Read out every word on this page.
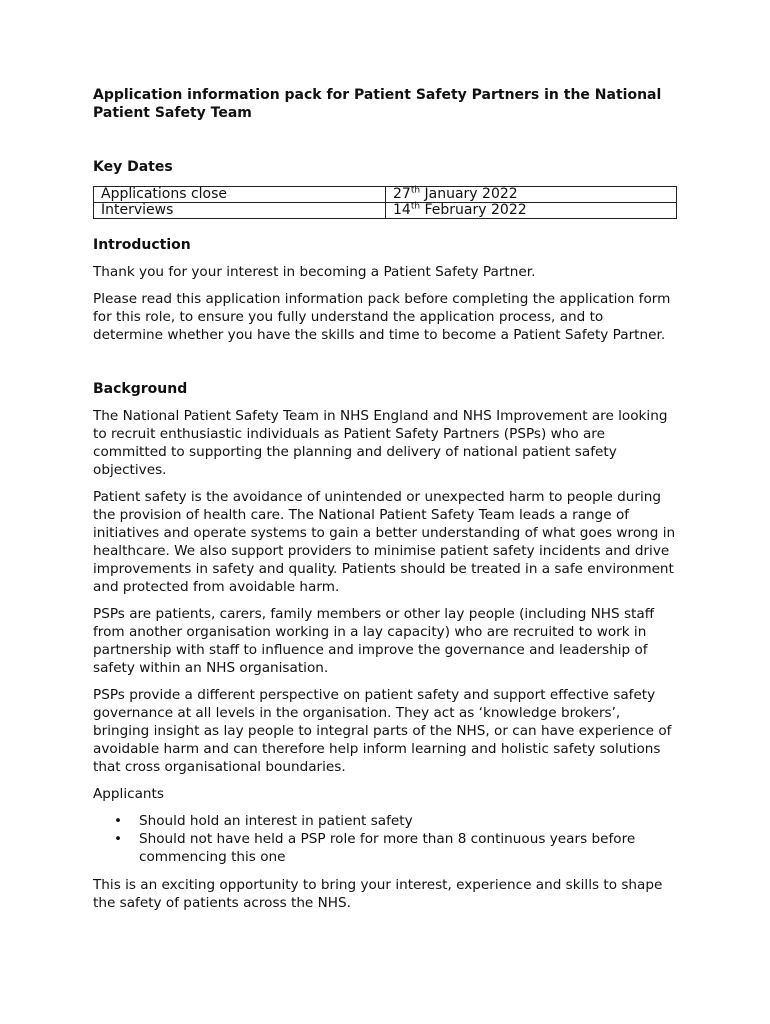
Application information pack for Patient Safety Partners in the National Patient Safety Team
Key Dates
Applications close	27th January 2022
Interviews	14th February 2022
Introduction

Thank you for your interest in becoming a Patient Safety Partner.

Please read this application information pack before completing the application form for this role, to ensure you fully understand the application process, and to determine whether you have the skills and time to become a Patient Safety Partner.

Background

The National Patient Safety Team in NHS England and NHS Improvement are looking to recruit enthusiastic individuals as Patient Safety Partners (PSPs) who are committed to supporting the planning and delivery of national patient safety objectives.

Patient safety is the avoidance of unintended or unexpected harm to people during the provision of health care. The National Patient Safety Team leads a range of initiatives and operate systems to gain a better understanding of what goes wrong in healthcare. We also support providers to minimise patient safety incidents and drive improvements in safety and quality. Patients should be treated in a safe environment and protected from avoidable harm.

PSPs are patients, carers, family members or other lay people (including NHS staff from another organisation working in a lay capacity) who are recruited to work in partnership with staff to influence and improve the governance and leadership of safety within an NHS organisation.

PSPs provide a different perspective on patient safety and support effective safety governance at all levels in the organisation. They act as ‘knowledge brokers’, bringing insight as lay people to integral parts of the NHS, or can have experience of avoidable harm and can therefore help inform learning and holistic safety solutions that cross organisational boundaries.

Applicants

• Should hold an interest in patient safety
• Should not have held a PSP role for more than 8 continuous years before commencing this one

This is an exciting opportunity to bring your interest, experience and skills to shape the safety of patients across the NHS.
